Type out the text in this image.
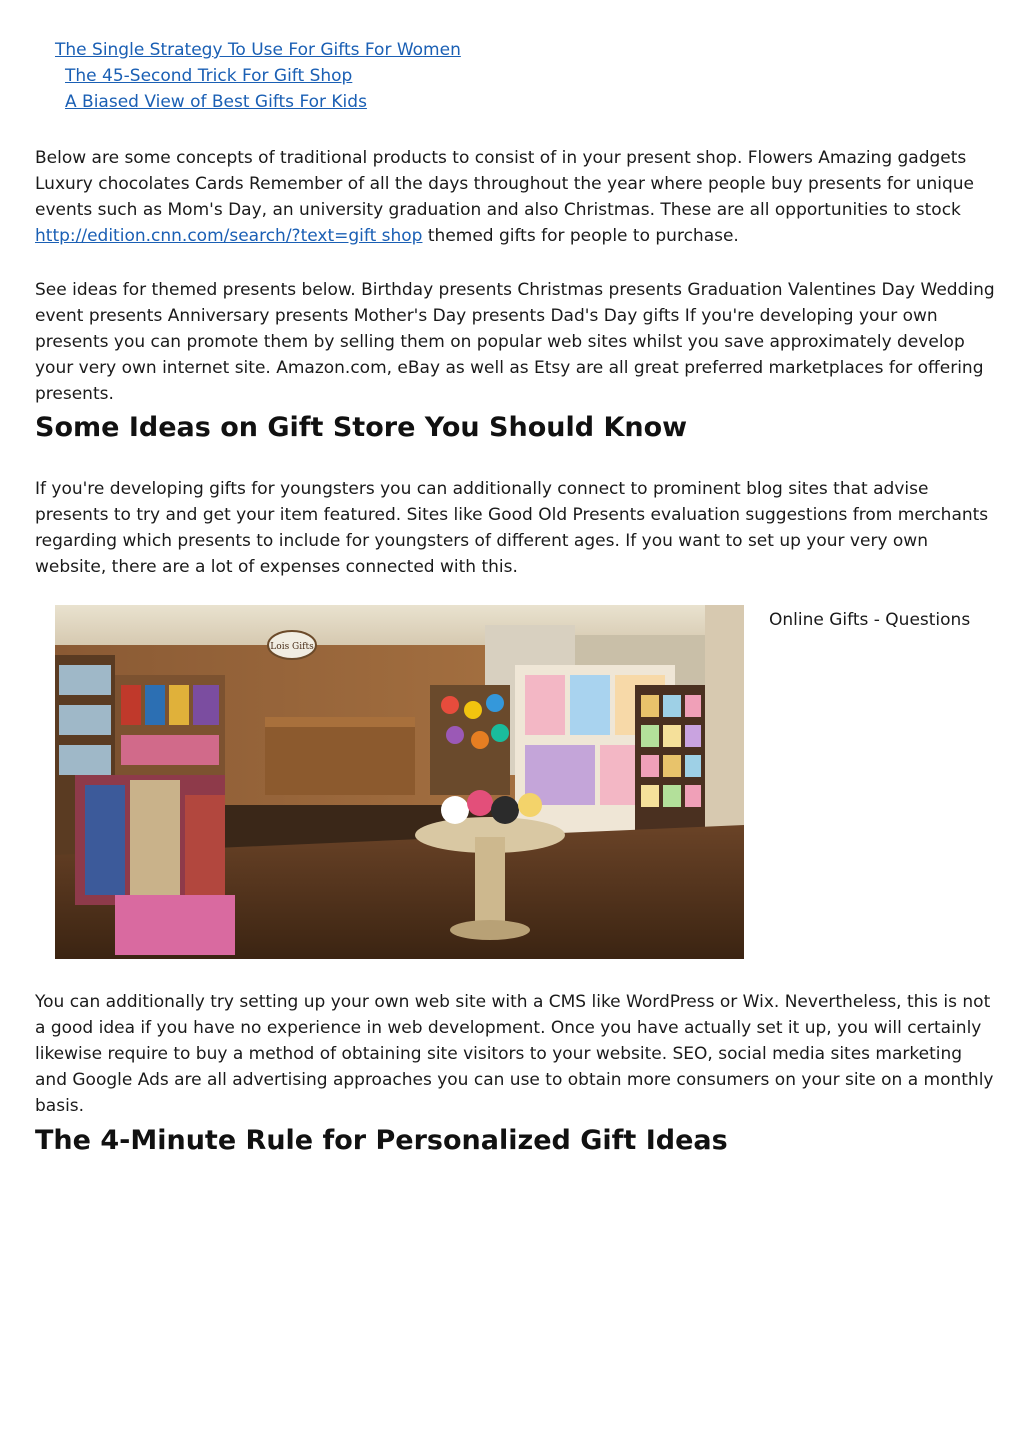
The Single Strategy To Use For Gifts For Women
The 45-Second Trick For Gift Shop
A Biased View of Best Gifts For Kids

Below are some concepts of traditional products to consist of in your present shop. Flowers Amazing gadgets Luxury chocolates Cards Remember of all the days throughout the year where people buy presents for unique events such as Mom's Day, an university graduation and also Christmas. These are all opportunities to stock http://edition.cnn.com/search/?text=gift shop themed gifts for people to purchase.

See ideas for themed presents below. Birthday presents Christmas presents Graduation Valentines Day Wedding event presents Anniversary presents Mother's Day presents Dad's Day gifts If you're developing your own presents you can promote them by selling them on popular web sites whilst you save approximately develop your very own internet site. Amazon.com, eBay as well as Etsy are all great preferred marketplaces for offering presents.

Some Ideas on Gift Store You Should Know

If you're developing gifts for youngsters you can additionally connect to prominent blog sites that advise presents to try and get your item featured. Sites like Good Old Presents evaluation suggestions from merchants regarding which presents to include for youngsters of different ages. If you want to set up your very own website, there are a lot of expenses connected with this.

Lois Gifts
Online Gifts - Questions

You can additionally try setting up your own web site with a CMS like WordPress or Wix. Nevertheless, this is not a good idea if you have no experience in web development. Once you have actually set it up, you will certainly likewise require to buy a method of obtaining site visitors to your website. SEO, social media sites marketing and Google Ads are all advertising approaches you can use to obtain more consumers on your site on a monthly basis.

The 4-Minute Rule for Personalized Gift Ideas
